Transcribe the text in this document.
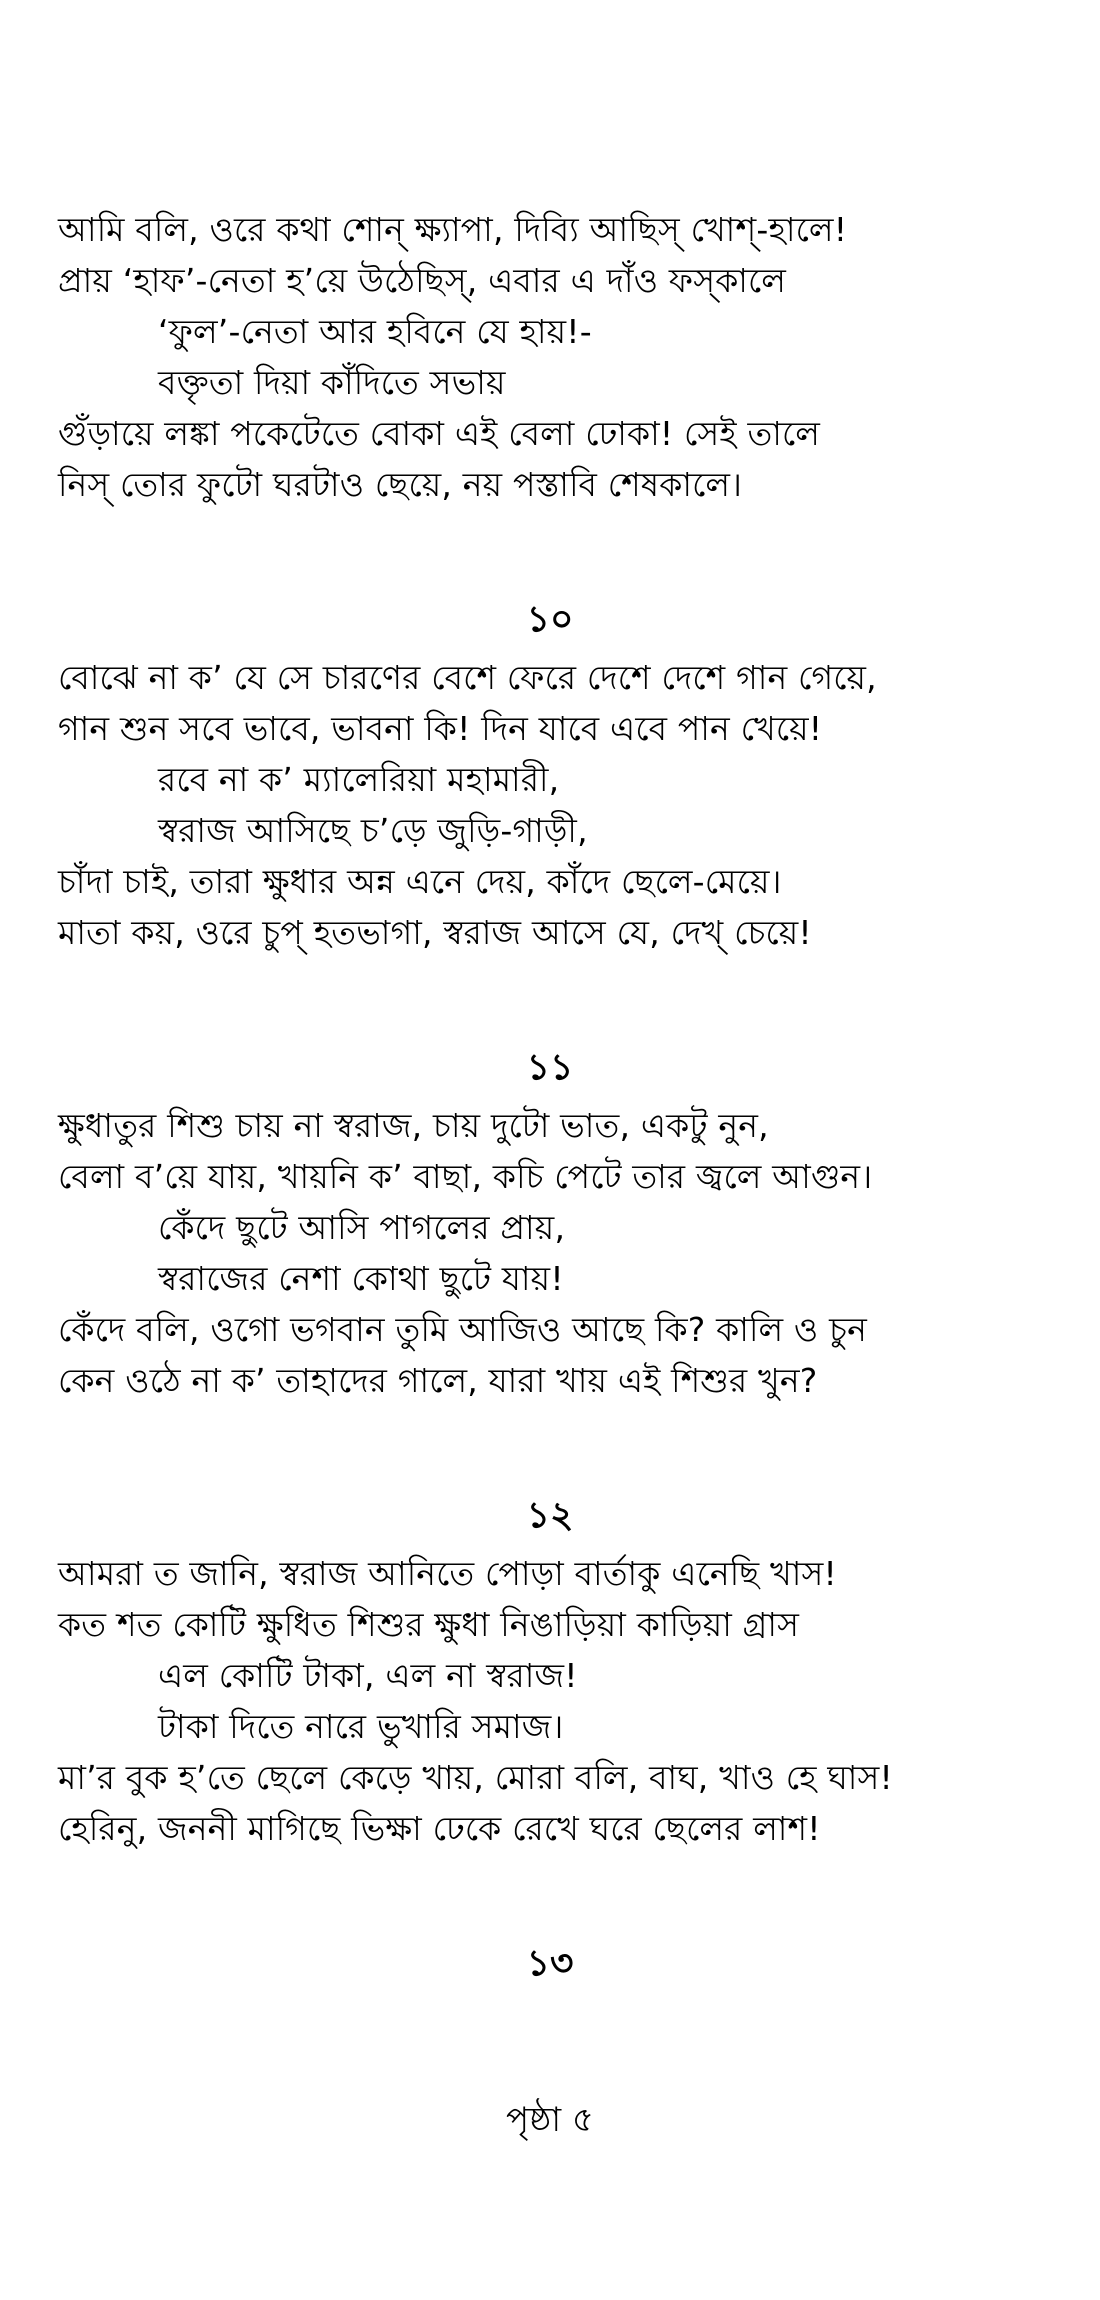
আমি বলি, ওরে কথা শোন্‌ ক্ষ্যাপা, দিব্যি আছিস্‌ খোশ্‌-হালে!
প্রায় ‘হাফ’-নেতা হ’য়ে উঠেছিস্‌, এবার এ দাঁও ফস্‌কালে
‘ফুল’-নেতা আর হবিনে যে হায়!-
বক্তৃতা দিয়া কাঁদিতে সভায়
গুঁড়ায়ে লঙ্কা পকেটেতে বোকা এই বেলা ঢোকা! সেই তালে
নিস্‌ তোর ফুটো ঘরটাও ছেয়ে, নয় পস্তাবি শেষকালে।
১০
বোঝে না ক’ যে সে চারণের বেশে ফেরে দেশে দেশে গান গেয়ে,
গান শুন সবে ভাবে, ভাবনা কি! দিন যাবে এবে পান খেয়ে!
রবে না ক’ ম্যালেরিয়া মহামারী,
স্বরাজ আসিছে চ’ড়ে জুড়ি-গাড়ী,
চাঁদা চাই, তারা ক্ষুধার অন্ন এনে দেয়, কাঁদে ছেলে-মেয়ে।
মাতা কয়, ওরে চুপ্‌ হতভাগা, স্বরাজ আসে যে, দেখ্‌ চেয়ে!
১১
ক্ষুধাতুর শিশু চায় না স্বরাজ, চায় দুটো ভাত, একটু নুন,
বেলা ব’য়ে যায়, খায়নি ক’ বাছা, কচি পেটে তার জ্বলে আগুন।
কেঁদে ছুটে আসি পাগলের প্রায়,
স্বরাজের নেশা কোথা ছুটে যায়!
কেঁদে বলি, ওগো ভগবান তুমি আজিও আছে কি? কালি ও চুন
কেন ওঠে না ক’ তাহাদের গালে, যারা খায় এই শিশুর খুন?
১২
আমরা ত জানি, স্বরাজ আনিতে পোড়া বার্তাকু এনেছি খাস!
কত শত কোটি ক্ষুধিত শিশুর ক্ষুধা নিঙাড়িয়া কাড়িয়া গ্রাস
এল কোটি টাকা, এল না স্বরাজ!
টাকা দিতে নারে ভুখারি সমাজ।
মা’র বুক হ’তে ছেলে কেড়ে খায়, মোরা বলি, বাঘ, খাও হে ঘাস!
হেরিনু, জননী মাগিছে ভিক্ষা ঢেকে রেখে ঘরে ছেলের লাশ!
১৩
পৃষ্ঠা ৫
